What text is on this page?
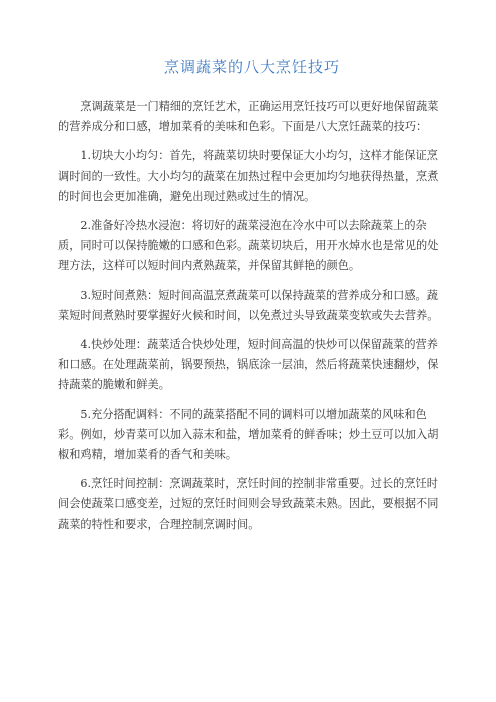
烹调蔬菜的八大烹饪技巧

烹调蔬菜是一门精细的烹饪艺术，正确运用烹饪技巧可以更好地保留蔬菜的营养成分和口感，增加菜肴的美味和色彩。下面是八大烹饪蔬菜的技巧：

1.切块大小均匀：首先，将蔬菜切块时要保证大小均匀，这样才能保证烹调时间的一致性。大小均匀的蔬菜在加热过程中会更加均匀地获得热量，烹煮的时间也会更加准确，避免出现过熟或过生的情况。

2.准备好冷热水浸泡：将切好的蔬菜浸泡在冷水中可以去除蔬菜上的杂质，同时可以保持脆嫩的口感和色彩。蔬菜切块后，用开水焯水也是常见的处理方法，这样可以短时间内煮熟蔬菜，并保留其鲜艳的颜色。

3.短时间煮熟：短时间高温烹煮蔬菜可以保持蔬菜的营养成分和口感。蔬菜短时间煮熟时要掌握好火候和时间，以免煮过头导致蔬菜变软或失去营养。

4.快炒处理：蔬菜适合快炒处理，短时间高温的快炒可以保留蔬菜的营养和口感。在处理蔬菜前，锅要预热，锅底涂一层油，然后将蔬菜快速翻炒，保持蔬菜的脆嫩和鲜美。

5.充分搭配调料：不同的蔬菜搭配不同的调料可以增加蔬菜的风味和色彩。例如，炒青菜可以加入蒜末和盐，增加菜肴的鲜香味；炒土豆可以加入胡椒和鸡精，增加菜肴的香气和美味。

6.烹饪时间控制：烹调蔬菜时，烹饪时间的控制非常重要。过长的烹饪时间会使蔬菜口感变差，过短的烹饪时间则会导致蔬菜未熟。因此，要根据不同蔬菜的特性和要求，合理控制烹调时间。
